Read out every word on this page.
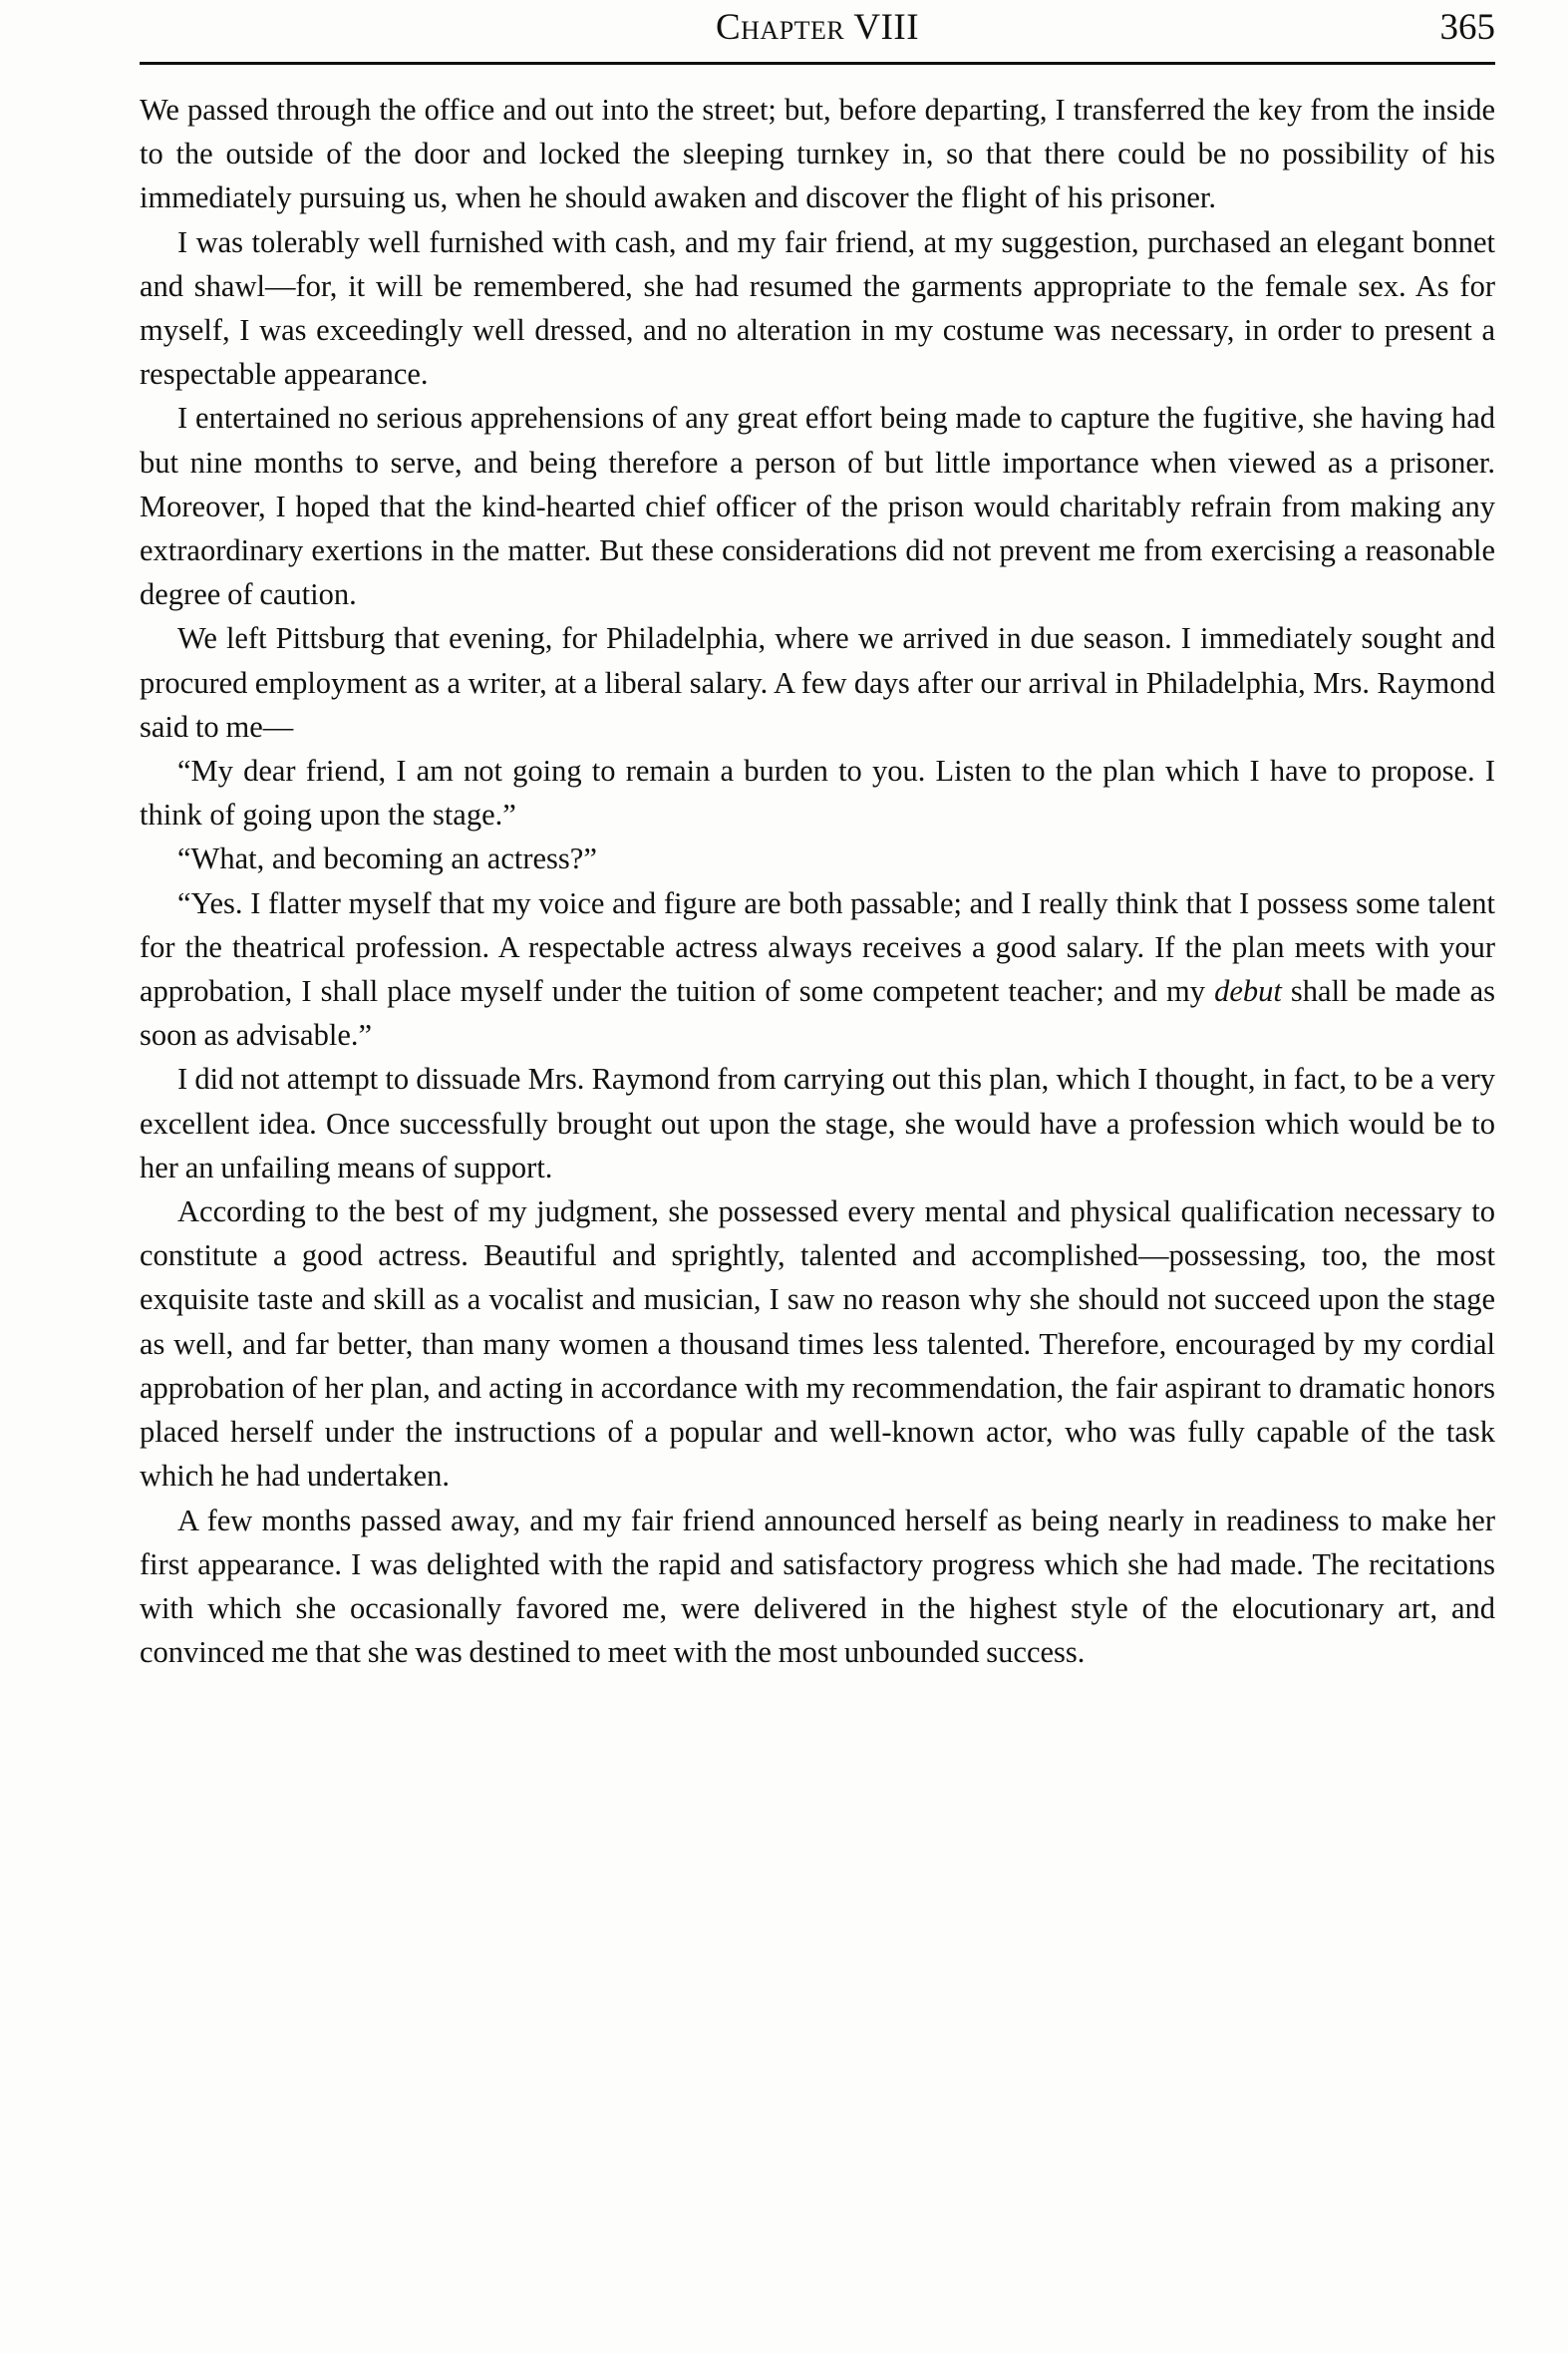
Chapter VIII	365

We passed through the office and out into the street; but, before departing, I transferred the key from the inside to the outside of the door and locked the sleeping turnkey in, so that there could be no possibility of his immediately pursuing us, when he should awaken and discover the flight of his prisoner.

I was tolerably well furnished with cash, and my fair friend, at my suggestion, purchased an elegant bonnet and shawl—for, it will be remembered, she had resumed the garments appropriate to the female sex. As for myself, I was exceedingly well dressed, and no alteration in my costume was necessary, in order to present a respectable appearance.

I entertained no serious apprehensions of any great effort being made to capture the fugitive, she having had but nine months to serve, and being therefore a person of but little importance when viewed as a prisoner. Moreover, I hoped that the kind-hearted chief officer of the prison would charitably refrain from making any extraordinary exertions in the matter. But these considerations did not prevent me from exercising a reasonable degree of caution.

We left Pittsburg that evening, for Philadelphia, where we arrived in due season. I immediately sought and procured employment as a writer, at a liberal salary. A few days after our arrival in Philadelphia, Mrs. Raymond said to me—

“My dear friend, I am not going to remain a burden to you. Listen to the plan which I have to propose. I think of going upon the stage.”

“What, and becoming an actress?”

“Yes. I flatter myself that my voice and figure are both passable; and I really think that I possess some talent for the theatrical profession. A respectable actress always receives a good salary. If the plan meets with your approbation, I shall place myself under the tuition of some competent teacher; and my debut shall be made as soon as advisable.”

I did not attempt to dissuade Mrs. Raymond from carrying out this plan, which I thought, in fact, to be a very excellent idea. Once successfully brought out upon the stage, she would have a profession which would be to her an unfailing means of support.

According to the best of my judgment, she possessed every mental and physical qualification necessary to constitute a good actress. Beautiful and sprightly, talented and accomplished—possessing, too, the most exquisite taste and skill as a vocalist and musician, I saw no reason why she should not succeed upon the stage as well, and far better, than many women a thousand times less talented. Therefore, encouraged by my cordial approbation of her plan, and acting in accordance with my recommendation, the fair aspirant to dramatic honors placed herself under the instructions of a popular and well-known actor, who was fully capable of the task which he had undertaken.

A few months passed away, and my fair friend announced herself as being nearly in readiness to make her first appearance. I was delighted with the rapid and satisfactory progress which she had made. The recitations with which she occasionally favored me, were delivered in the highest style of the elocutionary art, and convinced me that she was destined to meet with the most unbounded success.
